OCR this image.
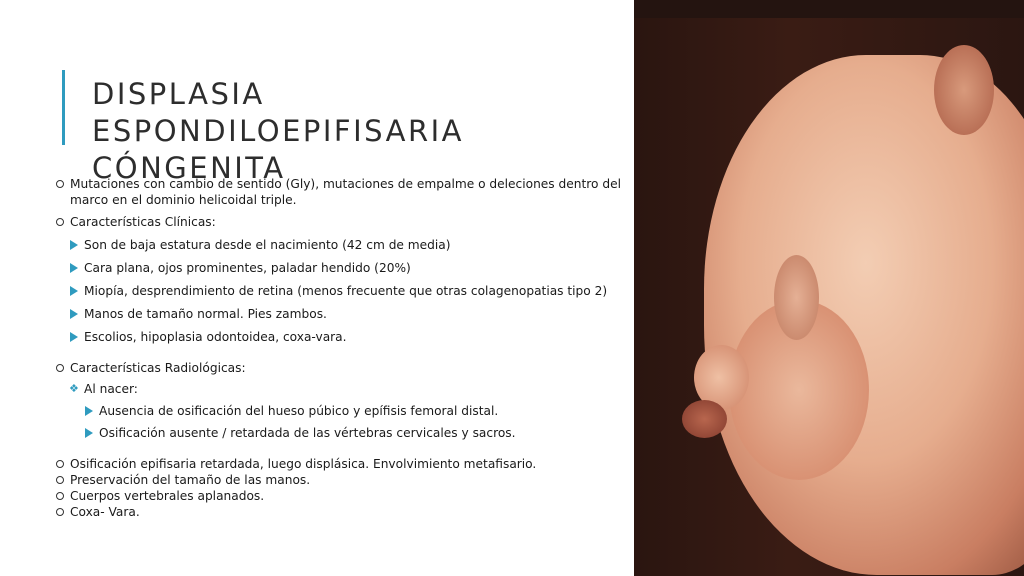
DISPLASIA ESPONDILOEPIFISARIA
CÓNGENITA
Mutaciones con cambio de sentido (Gly), mutaciones de empalme o deleciones dentro del marco en el dominio helicoidal triple.
Características Clínicas:
Son de baja estatura desde el nacimiento (42 cm de media)
Cara plana, ojos prominentes, paladar hendido (20%)
Miopía, desprendimiento de retina (menos frecuente que otras colagenopatias tipo 2)
Manos de tamaño normal. Pies zambos.
Escolios, hipoplasia odontoidea, coxa-vara.
Características Radiológicas:
❖ Al nacer:
Ausencia de osificación del hueso púbico y epífisis femoral distal.
Osificación ausente / retardada de las vértebras cervicales y sacros.
Osificación epifisaria retardada, luego displásica. Envolvimiento metafisario.
Preservación del tamaño de las manos.
Cuerpos vertebrales aplanados.
Coxa- Vara.
